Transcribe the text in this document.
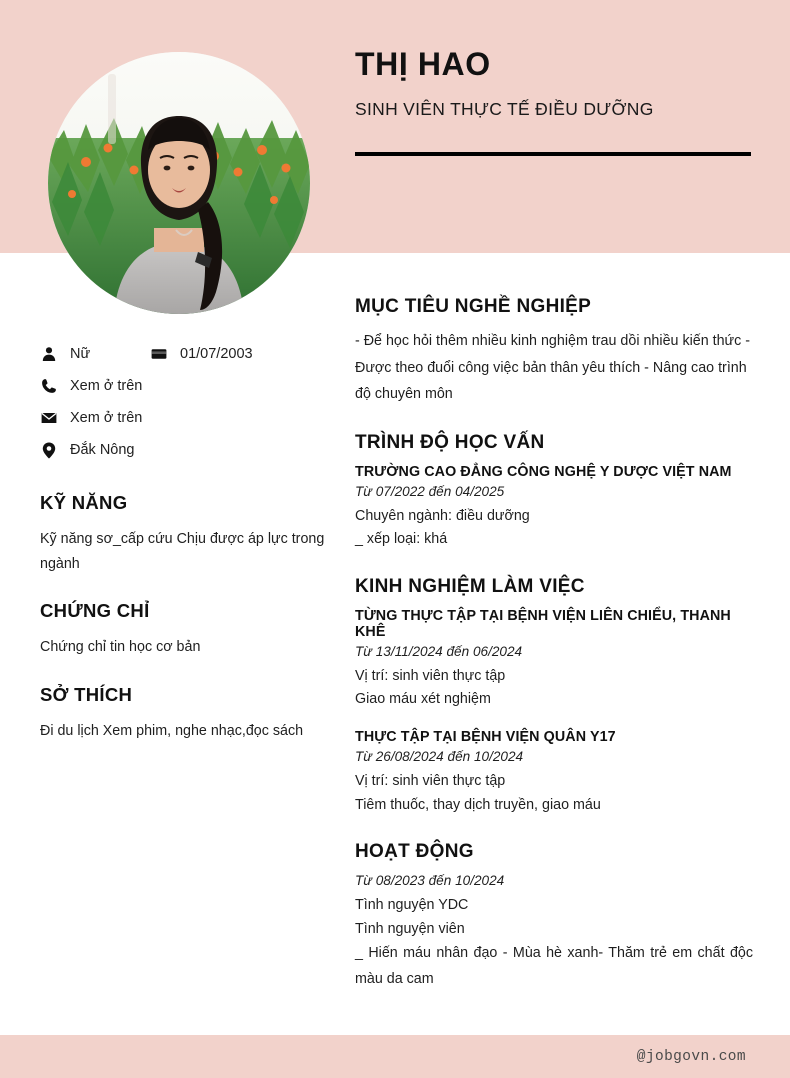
THỊ HAO
SINH VIÊN THỰC TẾ ĐIỀU DƯỠNG
Nữ	01/07/2003
Xem ở trên
Xem ở trên
Đắk Nông
KỸ NĂNG
Kỹ năng sơ_cấp cứu Chịu được áp lực trong ngành
CHỨNG CHỈ
Chứng chỉ tin học cơ bản
SỞ THÍCH
Đi du lịch Xem phim, nghe nhạc,đọc sách
MỤC TIÊU NGHỀ NGHIỆP
- Để học hỏi thêm nhiều kinh nghiệm trau dồi nhiều kiến thức - Được theo đuổi công việc bản thân yêu thích - Nâng cao trình độ chuyên môn
TRÌNH ĐỘ HỌC VẤN
TRƯỜNG CAO ĐẲNG CÔNG NGHỆ Y DƯỢC VIỆT NAM
Từ 07/2022 đến 04/2025
Chuyên ngành: điều dưỡng
_ xếp loại: khá
KINH NGHIỆM LÀM VIỆC
TỪNG THỰC TẬP TẠI BỆNH VIỆN LIÊN CHIỂU, THANH KHÊ
Từ 13/11/2024 đến 06/2024
Vị trí: sinh viên thực tập
Giao máu xét nghiệm
THỰC TẬP TẠI BỆNH VIỆN QUÂN Y17
Từ 26/08/2024 đến 10/2024
Vị trí: sinh viên thực tập
Tiêm thuốc, thay dịch truyền, giao máu
HOẠT ĐỘNG
Từ 08/2023 đến 10/2024
Tình nguyện YDC
Tình nguyện viên
_ Hiến máu nhân đạo - Mùa hè xanh- Thăm trẻ em chất độc màu da cam
@jobgovn.com
